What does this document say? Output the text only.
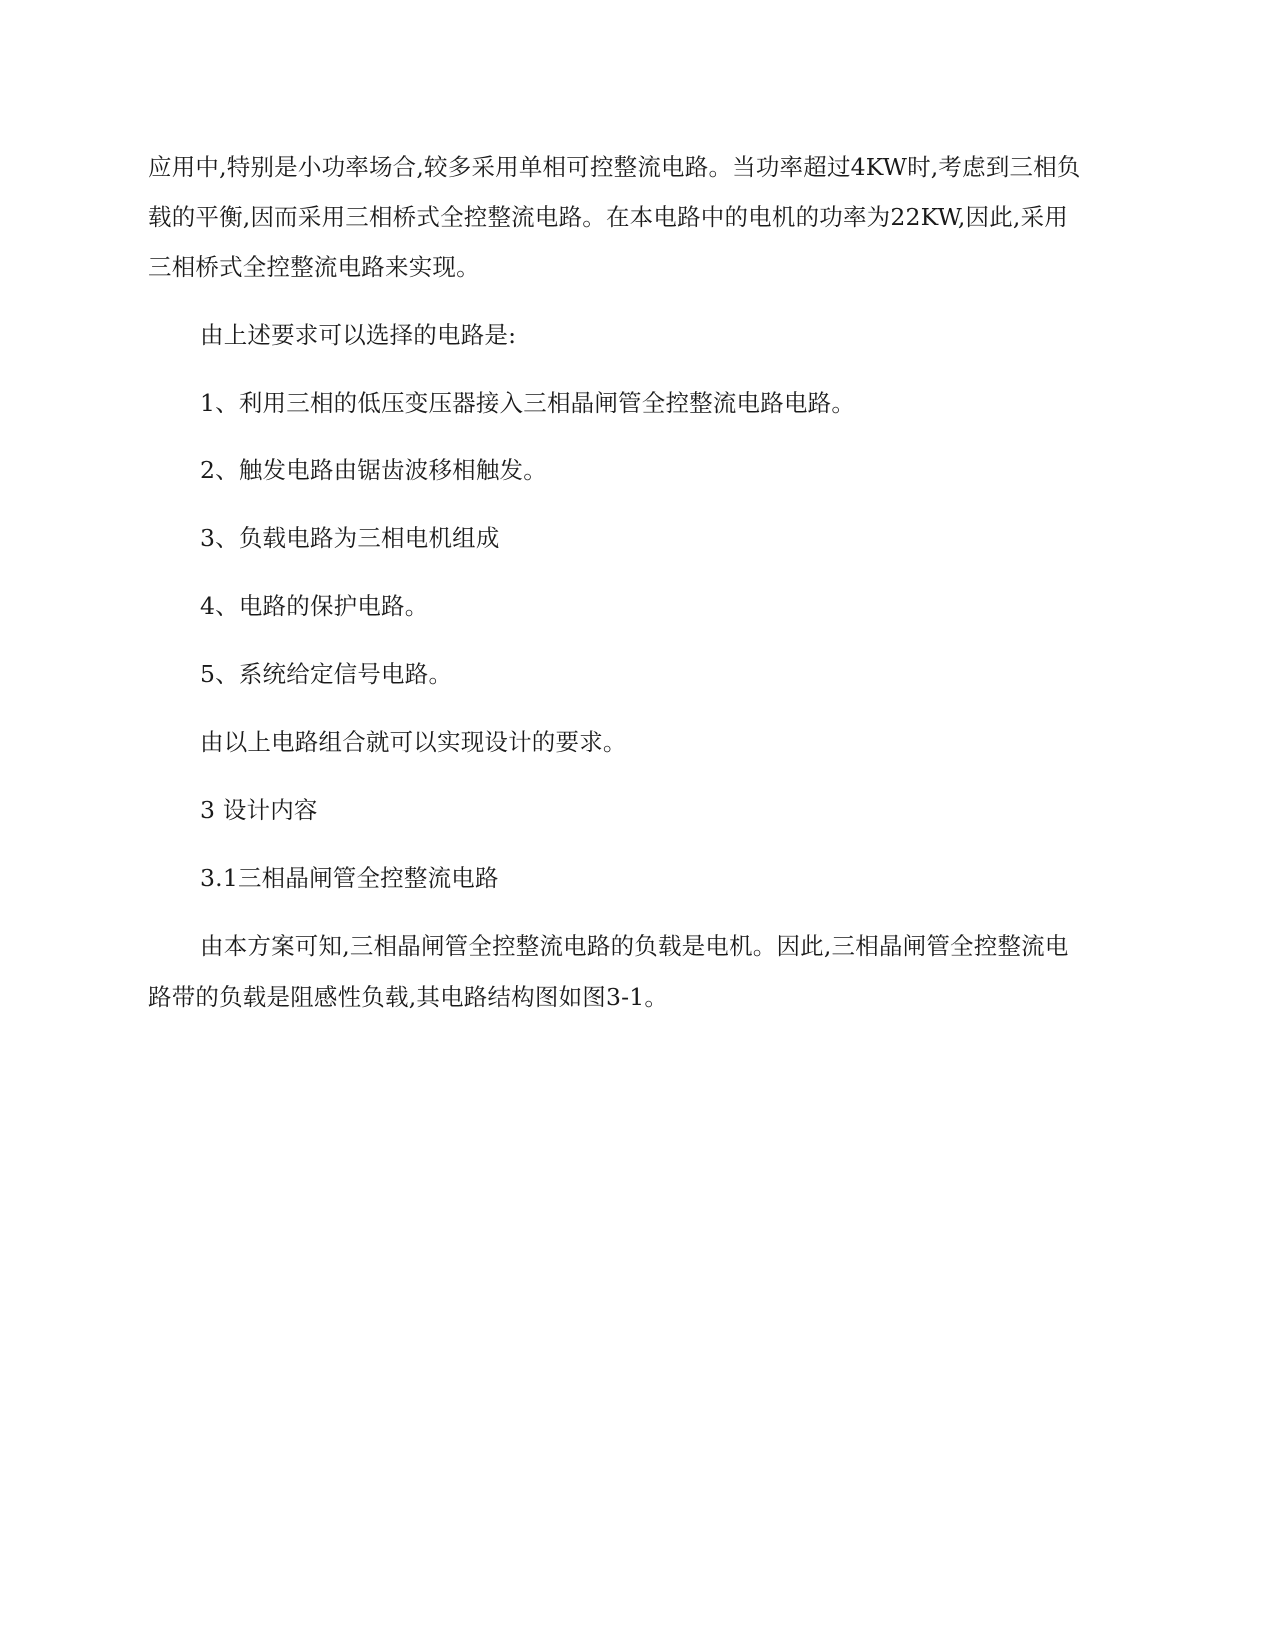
应用中,特别是小功率场合,较多采用单相可控整流电路。当功率超过4KW时,考虑到三相负
载的平衡,因而采用三相桥式全控整流电路。在本电路中的电机的功率为22KW,因此,采用
三相桥式全控整流电路来实现。
由上述要求可以选择的电路是:
1、利用三相的低压变压器接入三相晶闸管全控整流电路电路。
2、触发电路由锯齿波移相触发。
3、负载电路为三相电机组成
4、电路的保护电路。
5、系统给定信号电路。
由以上电路组合就可以实现设计的要求。
3 设计内容
3.1三相晶闸管全控整流电路
由本方案可知,三相晶闸管全控整流电路的负载是电机。因此,三相晶闸管全控整流电
路带的负载是阻感性负载,其电路结构图如图3-1。
